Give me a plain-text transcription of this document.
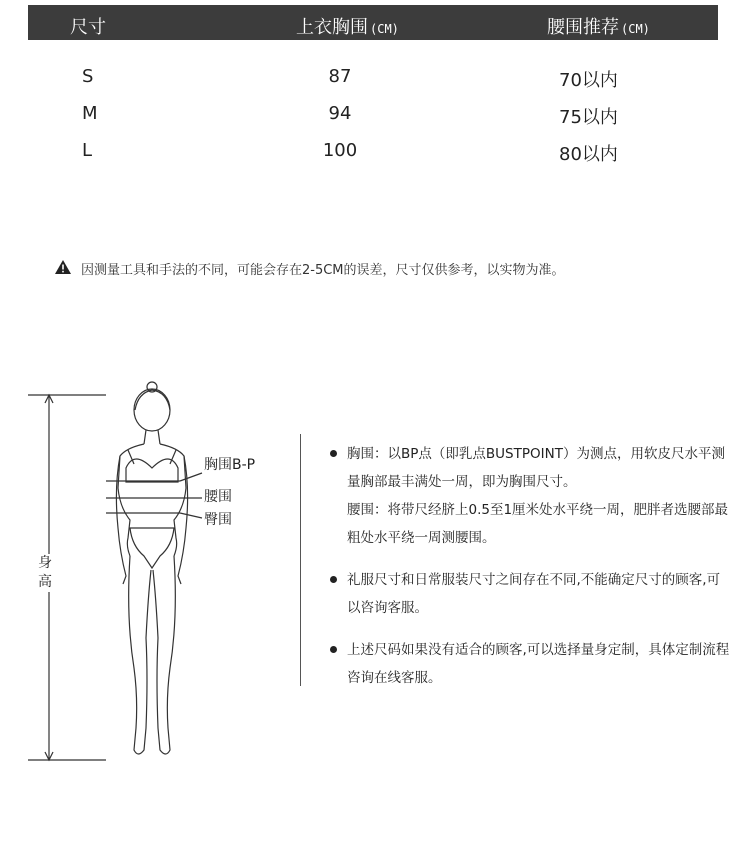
尺寸	上衣胸围 (CM)	腰围推荐 (CM)
S	87	70以内
M	94	75以内
L	100	80以内
因测量工具和手法的不同，可能会存在2-5CM的误差，尺寸仅供参考，以实物为准。
胸围B-P
腰围
臀围
身高
胸围：以BP点（即乳点BUSTPOINT）为测点，用软皮尺水平测量胸部最丰满处一周，即为胸围尺寸。
腰围：将带尺经脐上0.5至1厘米处水平绕一周，肥胖者选腰部最粗处水平绕一周测腰围。
礼服尺寸和日常服装尺寸之间存在不同,不能确定尺寸的顾客,可以咨询客服。
上述尺码如果没有适合的顾客,可以选择量身定制，具体定制流程咨询在线客服。
